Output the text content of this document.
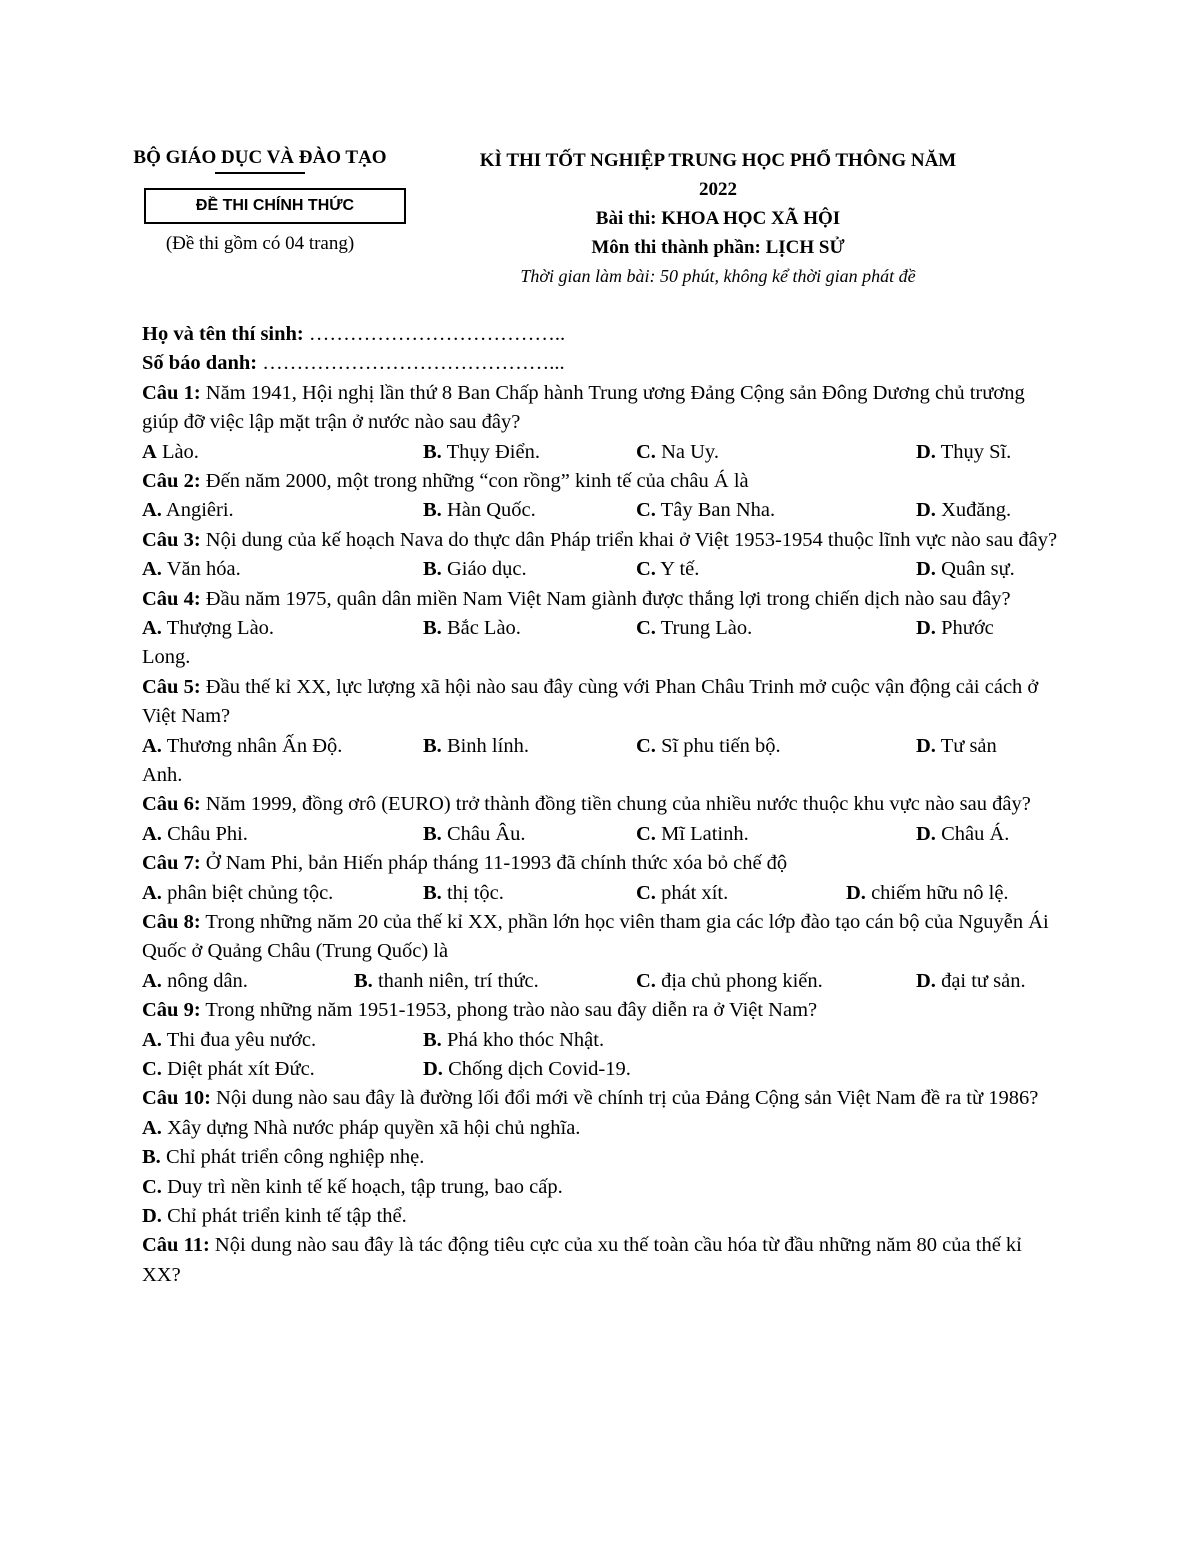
BỘ GIÁO DỤC VÀ ĐÀO TẠO
ĐỀ THI CHÍNH THỨC
(Đề thi gồm có 04 trang)
KÌ THI TỐT NGHIỆP TRUNG HỌC PHỔ THÔNG NĂM
2022
Bài thi: KHOA HỌC XÃ HỘI
Môn thi thành phần: LỊCH SỬ
Thời gian làm bài: 50 phút, không kể thời gian phát đề
Họ và tên thí sinh: ………………………………..
Số báo danh: ……………………………………...
Câu 1: Năm 1941, Hội nghị lần thứ 8 Ban Chấp hành Trung ương Đảng Cộng sản Đông Dương chủ trương giúp đỡ việc lập mặt trận ở nước nào sau đây?
A Lào.	B. Thụy Điển.	C. Na Uy.	D. Thụy Sĩ.
Câu 2: Đến năm 2000, một trong những “con rồng” kinh tế của châu Á là
A. Angiêri.	B. Hàn Quốc.	C. Tây Ban Nha.	D. Xuđăng.
Câu 3: Nội dung của kế hoạch Nava do thực dân Pháp triển khai ở Việt 1953-1954 thuộc lĩnh vực nào sau đây?
A. Văn hóa.	B. Giáo dục.	C. Y tế.	D. Quân sự.
Câu 4: Đầu năm 1975, quân dân miền Nam Việt Nam giành được thắng lợi trong chiến dịch nào sau đây?
A. Thượng Lào.	B. Bắc Lào.	C. Trung Lào.	D. Phước
Long.
Câu 5: Đầu thế kỉ XX, lực lượng xã hội nào sau đây cùng với Phan Châu Trinh mở cuộc vận động cải cách ở Việt Nam?
A. Thương nhân Ấn Độ.	B. Binh lính.	C. Sĩ phu tiến bộ.	D. Tư sản
Anh.
Câu 6: Năm 1999, đồng ơrô (EURO) trở thành đồng tiền chung của nhiều nước thuộc khu vực nào sau đây?
A. Châu Phi.	B. Châu Âu.	C. Mĩ Latinh.	D. Châu Á.
Câu 7: Ở Nam Phi, bản Hiến pháp tháng 11-1993 đã chính thức xóa bỏ chế độ
A. phân biệt chủng tộc.	B. thị tộc.	C. phát xít.	D. chiếm hữu nô lệ.
Câu 8: Trong những năm 20 của thế kỉ XX, phần lớn học viên tham gia các lớp đào tạo cán bộ của Nguyễn Ái Quốc ở Quảng Châu (Trung Quốc) là
A. nông dân.	B. thanh niên, trí thức.	C. địa chủ phong kiến.	D. đại tư sản.
Câu 9: Trong những năm 1951-1953, phong trào nào sau đây diễn ra ở Việt Nam?
A. Thi đua yêu nước.	B. Phá kho thóc Nhật.
C. Diệt phát xít Đức.	D. Chống dịch Covid-19.
Câu 10: Nội dung nào sau đây là đường lối đổi mới về chính trị của Đảng Cộng sản Việt Nam đề ra từ 1986?
A. Xây dựng Nhà nước pháp quyền xã hội chủ nghĩa.
B. Chỉ phát triển công nghiệp nhẹ.
C. Duy trì nền kinh tế kế hoạch, tập trung, bao cấp.
D. Chỉ phát triển kinh tế tập thể.
Câu 11: Nội dung nào sau đây là tác động tiêu cực của xu thế toàn cầu hóa từ đầu những năm 80 của thế kỉ XX?
